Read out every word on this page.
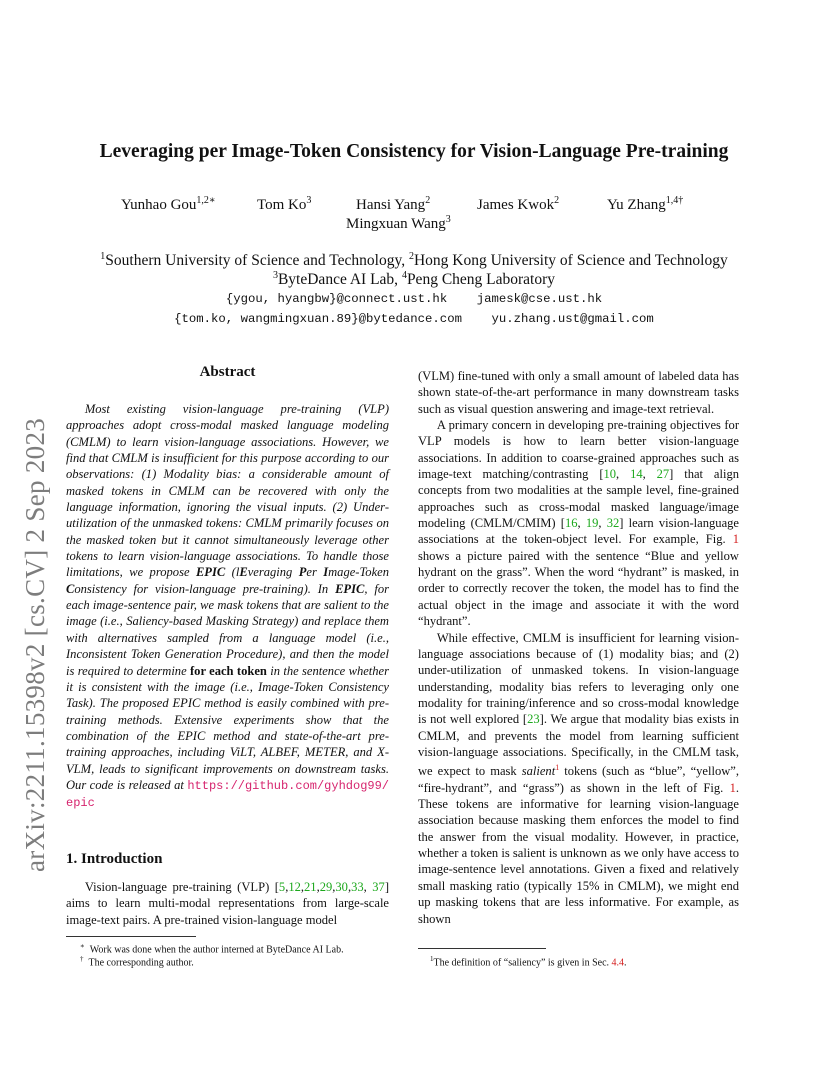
arXiv:2211.15398v2 [cs.CV] 2 Sep 2023
Leveraging per Image-Token Consistency for Vision-Language Pre-training
Yunhao Gou$^{1,2∗}$	Tom Ko$^3$	Hansi Yang$^2$	James Kwok$^2$	Yu Zhang$^{1,4\dagger}$
Mingxuan Wang$^3$
$^1$Southern University of Science and Technology, $^2$Hong Kong University of Science and Technology
$^3$ByteDance AI Lab, $^4$Peng Cheng Laboratory
{ygou, hyangbw}@connect.ust.hk    jamesk@cse.ust.hk
{tom.ko, wangmingxuan.89}@bytedance.com    yu.zhang.ust@gmail.com
Abstract

Most existing vision-language pre-training (VLP) approaches adopt cross-modal masked language modeling (CMLM) to learn vision-language associations. However, we find that CMLM is insufficient for this purpose according to our observations: (1) Modality bias: a considerable amount of masked tokens in CMLM can be recovered with only the language information, ignoring the visual inputs. (2) Under-utilization of the unmasked tokens: CMLM primarily focuses on the masked token but it cannot simultaneously leverage other tokens to learn vision-language associations. To handle those limitations, we propose EPIC (lEveraging Per Image-Token Consistency for vision-language pre-training). In EPIC, for each image-sentence pair, we mask tokens that are salient to the image (i.e., Saliency-based Masking Strategy) and replace them with alternatives sampled from a language model (i.e., Inconsistent Token Generation Procedure), and then the model is required to determine for each token in the sentence whether it is consistent with the image (i.e., Image-Token Consistency Task). The proposed EPIC method is easily combined with pre-training methods. Extensive experiments show that the combination of the EPIC method and state-of-the-art pre-training approaches, including ViLT, ALBEF, METER, and X-VLM, leads to significant improvements on downstream tasks. Our code is released at https://github.com/gyhdog99/epic

1. Introduction

Vision-language pre-training (VLP) [5,12,21,29,30,33, 37] aims to learn multi-modal representations from large-scale image-text pairs. A pre-trained vision-language model

∗ Work was done when the author interned at ByteDance AI Lab.
† The corresponding author.

(VLM) fine-tuned with only a small amount of labeled data has shown state-of-the-art performance in many downstream tasks such as visual question answering and image-text retrieval.

A primary concern in developing pre-training objectives for VLP models is how to learn better vision-language associations. In addition to coarse-grained approaches such as image-text matching/contrasting [10, 14, 27] that align concepts from two modalities at the sample level, fine-grained approaches such as cross-modal masked language/image modeling (CMLM/CMIM) [16, 19, 32] learn vision-language associations at the token-object level. For example, Fig. 1 shows a picture paired with the sentence “Blue and yellow hydrant on the grass”. When the word “hydrant” is masked, in order to correctly recover the token, the model has to find the actual object in the image and associate it with the word “hydrant”.

While effective, CMLM is insufficient for learning vision-language associations because of (1) modality bias; and (2) under-utilization of unmasked tokens. In vision-language understanding, modality bias refers to leveraging only one modality for training/inference and so cross-modal knowledge is not well explored [23]. We argue that modality bias exists in CMLM, and prevents the model from learning sufficient vision-language associations. Specifically, in the CMLM task, we expect to mask salient$^1$ tokens (such as “blue”, “yellow”, “fire-hydrant”, and “grass”) as shown in the left of Fig. 1. These tokens are informative for learning vision-language association because masking them enforces the model to find the answer from the visual modality. However, in practice, whether a token is salient is unknown as we only have access to image-sentence level annotations. Given a fixed and relatively small masking ratio (typically 15% in CMLM), we might end up masking tokens that are less informative. For example, as shown

$^1$The definition of “saliency” is given in Sec. 4.4.
